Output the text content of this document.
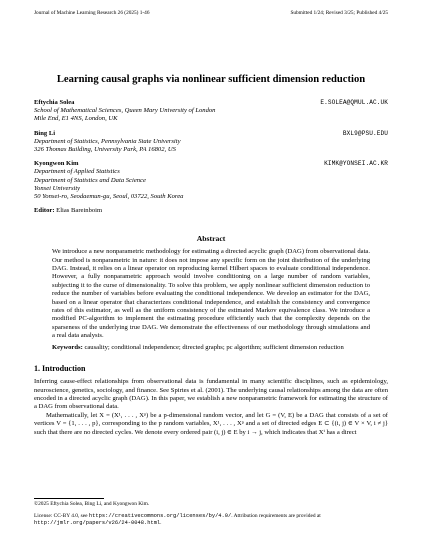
Journal of Machine Learning Research 26 (2025) 1-46	Submitted 1/24; Revised 3/25; Published 4/25
Learning causal graphs via nonlinear sufficient dimension reduction
Eftychia Solea	E.SOLEA@QMUL.AC.UK
School of Mathematical Sciences, Queen Mary University of London
Mile End, E1 4NS, London, UK
Bing Li	BXL9@PSU.EDU
Department of Statistics, Pennsylvania State University
326 Thomas Building, University Park, PA 16802, US
Kyongwon Kim	KIMK@YONSEI.AC.KR
Department of Applied Statistics
Department of Statistics and Data Science
Yonsei University
50 Yonsei-ro, Seodaemun-gu, Seoul, 03722, South Korea
Editor: Elias Bareinboim
Abstract
We introduce a new nonparametric methodology for estimating a directed acyclic graph (DAG) from observational data. Our method is nonparametric in nature: it does not impose any specific form on the joint distribution of the underlying DAG. Instead, it relies on a linear operator on reproducing kernel Hilbert spaces to evaluate conditional independence. However, a fully nonparametric approach would involve conditioning on a large number of random variables, subjecting it to the curse of dimensionality. To solve this problem, we apply nonlinear sufficient dimension reduction to reduce the number of variables before evaluating the conditional independence. We develop an estimator for the DAG, based on a linear operator that characterizes conditional independence, and establish the consistency and convergence rates of this estimator, as well as the uniform consistency of the estimated Markov equivalence class. We introduce a modified PC-algorithm to implement the estimating procedure efficiently such that the complexity depends on the sparseness of the underlying true DAG. We demonstrate the effectiveness of our methodology through simulations and a real data analysis.
Keywords: causality; conditional independence; directed graphs; pc algorithm; sufficient dimension reduction
1. Introduction
Inferring cause-effect relationships from observational data is fundamental in many scientific disciplines, such as epidemiology, neuroscience, genetics, sociology, and finance. See Spirtes et al. (2001). The underlying causal relationships among the data are often encoded in a directed acyclic graph (DAG). In this paper, we establish a new nonparametric framework for estimating the structure of a DAG from observational data.
Mathematically, let X = (X¹, . . . , Xᵖ) be a p-dimensional random vector, and let G = (V, E) be a DAG that consists of a set of vertices V = {1, . . . , p}, corresponding to the p random variables, X¹, . . . , Xᵖ and a set of directed edges E ⊂ {(i, j) ∈ V × V, i ≠ j} such that there are no directed cycles. We denote every ordered pair (i, j) ∈ E by i → j, which indicates that Xⁱ has a direct
©2025 Eftychia Solea, Bing Li, and Kyongwon Kim.
License: CC-BY 4.0, see https://creativecommons.org/licenses/by/4.0/. Attribution requirements are provided at
http://jmlr.org/papers/v26/24-0048.html.
